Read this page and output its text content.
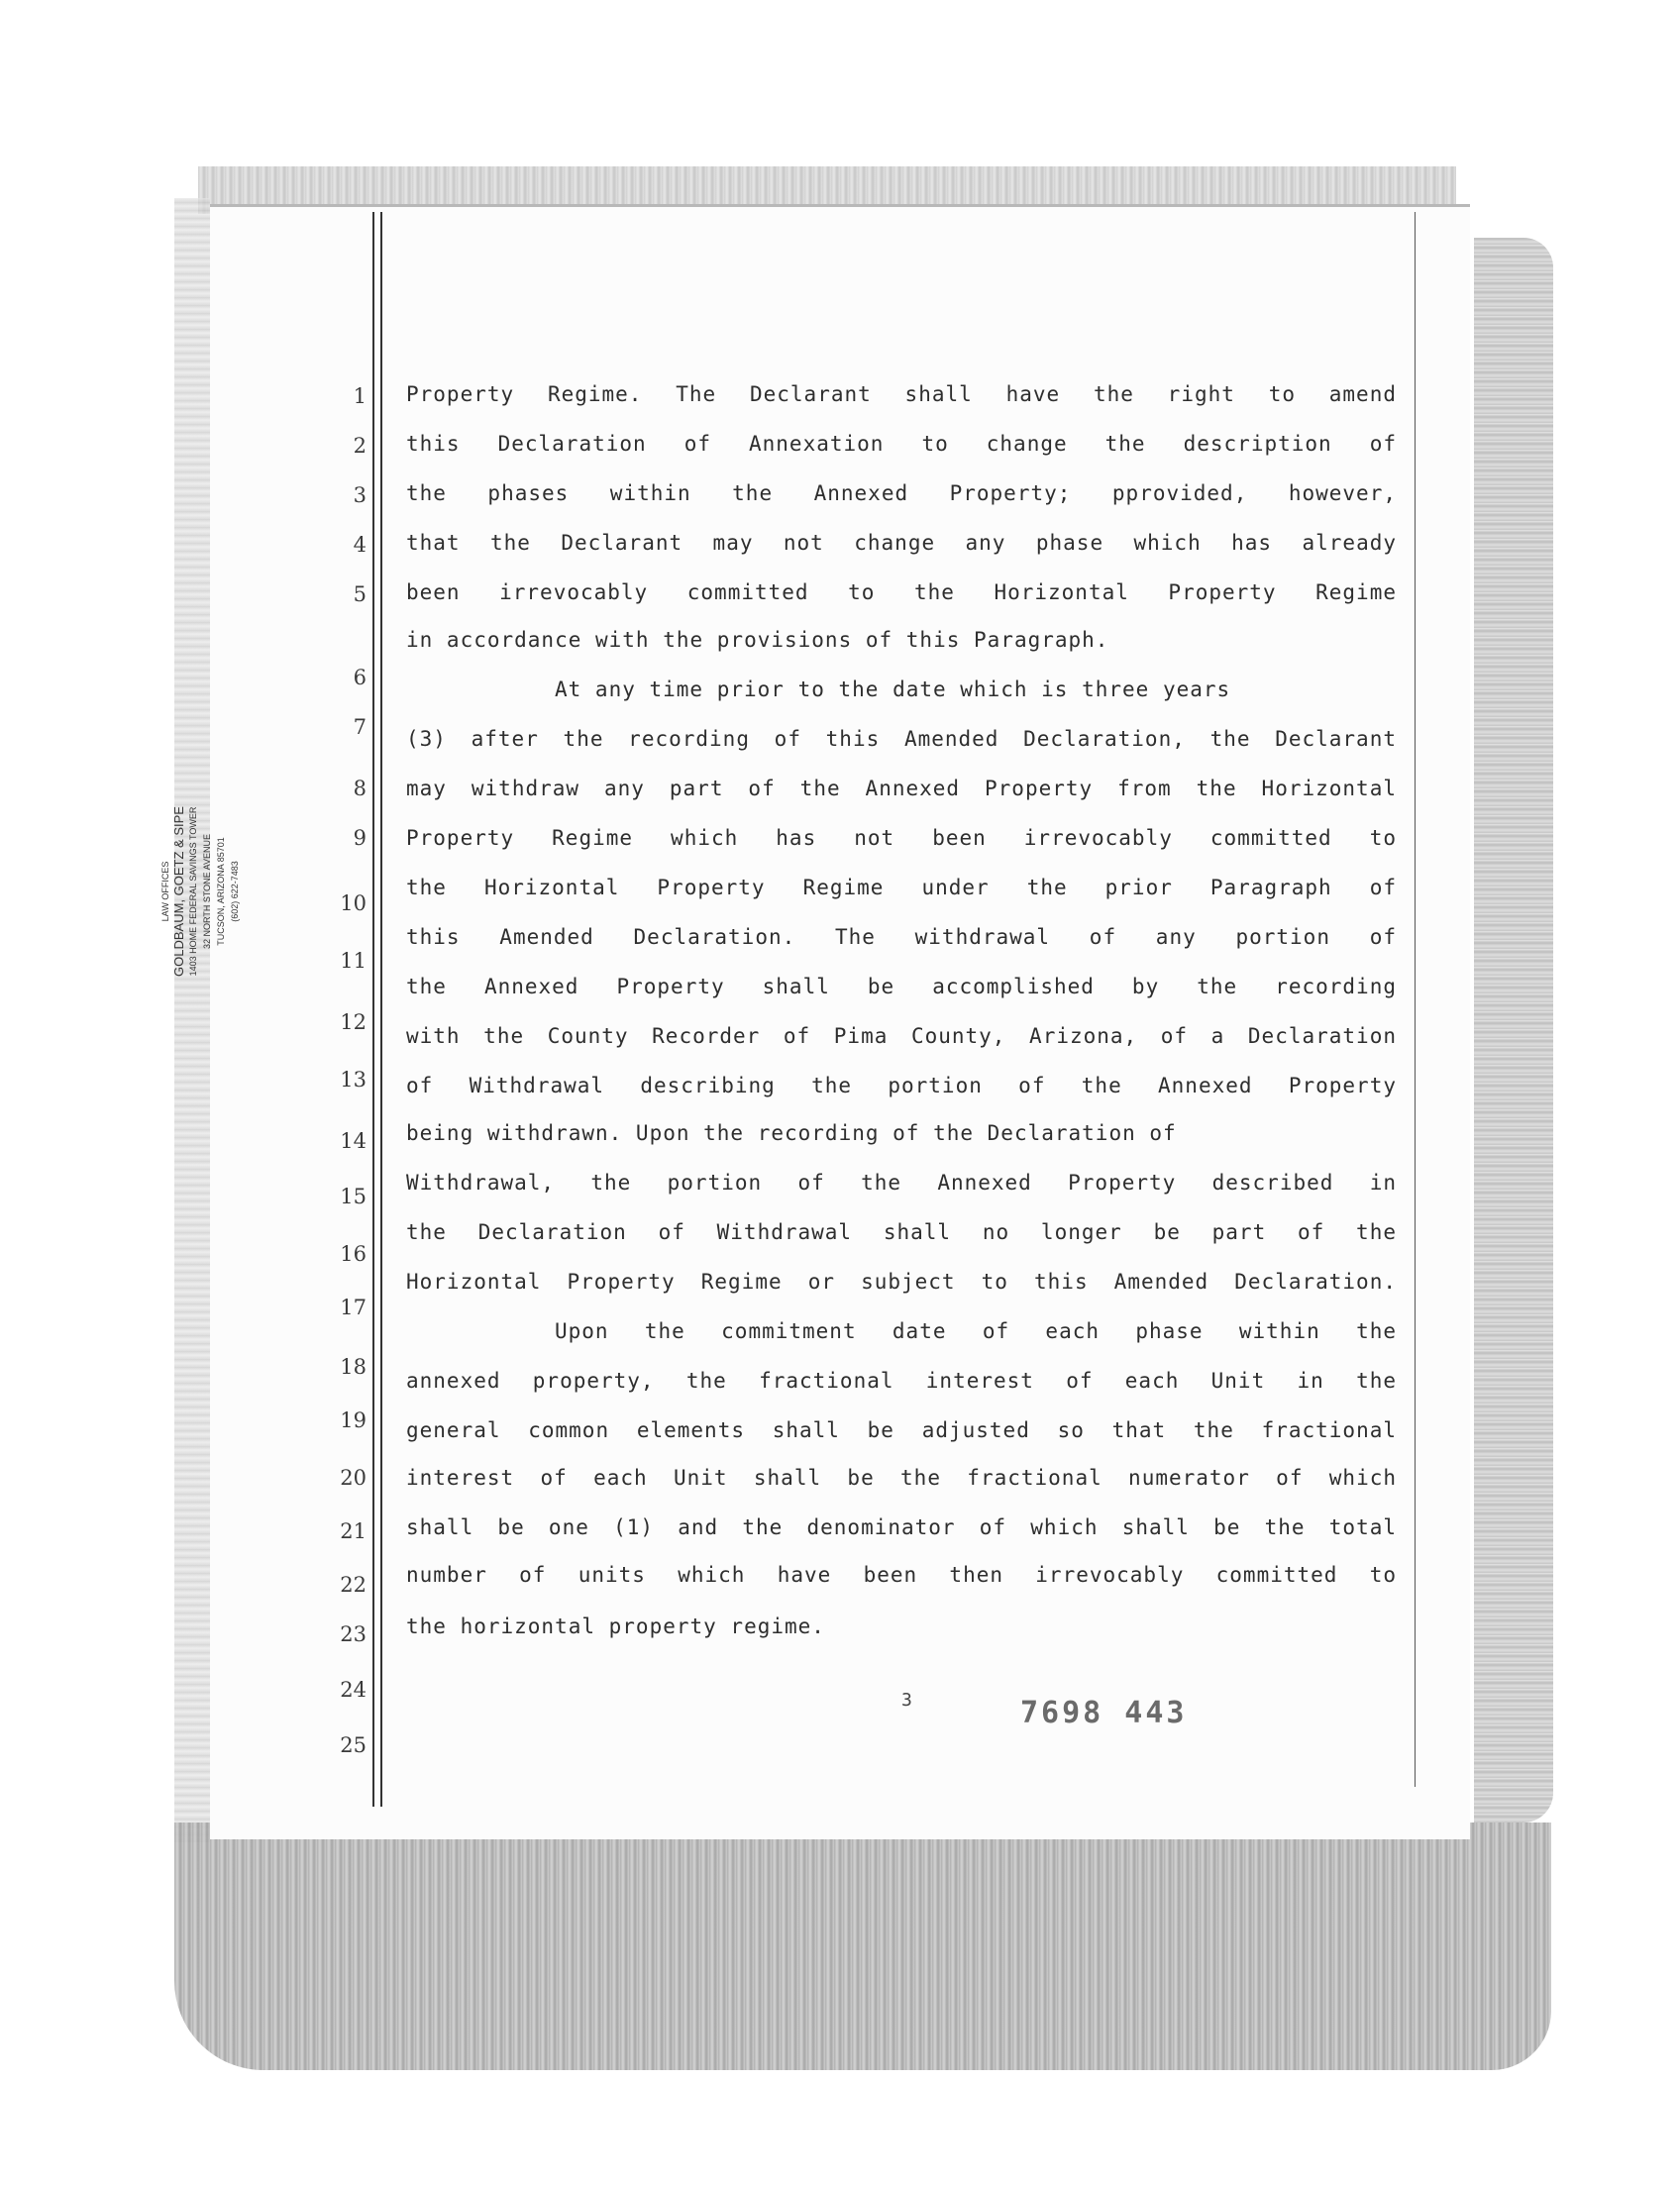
LAW OFFICES GOLDBAUM, GOETZ & SIPE 1403 HOME FEDERAL SAVINGS TOWER 32 NORTH STONE AVENUE TUCSON, ARIZONA 85701 (602) 622-7483
1
2
3
4
5
6
7
8
9
10
11
12
13
14
15
16
17
18
19
20
21
22
23
24
25
Property Regime. The Declarant shall have the right to amend
this Declaration of Annexation to change the description of
the phases within the Annexed Property; pprovided, however,
that the Declarant may not change any phase which has already
been irrevocably committed to the Horizontal Property Regime
in accordance with the provisions of this Paragraph.
At any time prior to the date which is three years
(3) after the recording of this Amended Declaration, the Declarant
may withdraw any part of the Annexed Property from the Horizontal
Property Regime which has not been irrevocably committed to
the Horizontal Property Regime under the prior Paragraph of
this Amended Declaration. The withdrawal of any portion of
the Annexed Property shall be accomplished by the recording
with the County Recorder of Pima County, Arizona, of a Declaration
of Withdrawal describing the portion of the Annexed Property
being withdrawn. Upon the recording of the Declaration of
Withdrawal, the portion of the Annexed Property described in
the Declaration of Withdrawal shall no longer be part of the
Horizontal Property Regime or subject to this Amended Declaration.
Upon the commitment date of each phase within the
annexed property, the fractional interest of each Unit in the
general common elements shall be adjusted so that the fractional
interest of each Unit shall be the fractional numerator of which
shall be one (1) and the denominator of which shall be the total
number of units which have been then irrevocably committed to
the horizontal property regime.
3	7698 443
